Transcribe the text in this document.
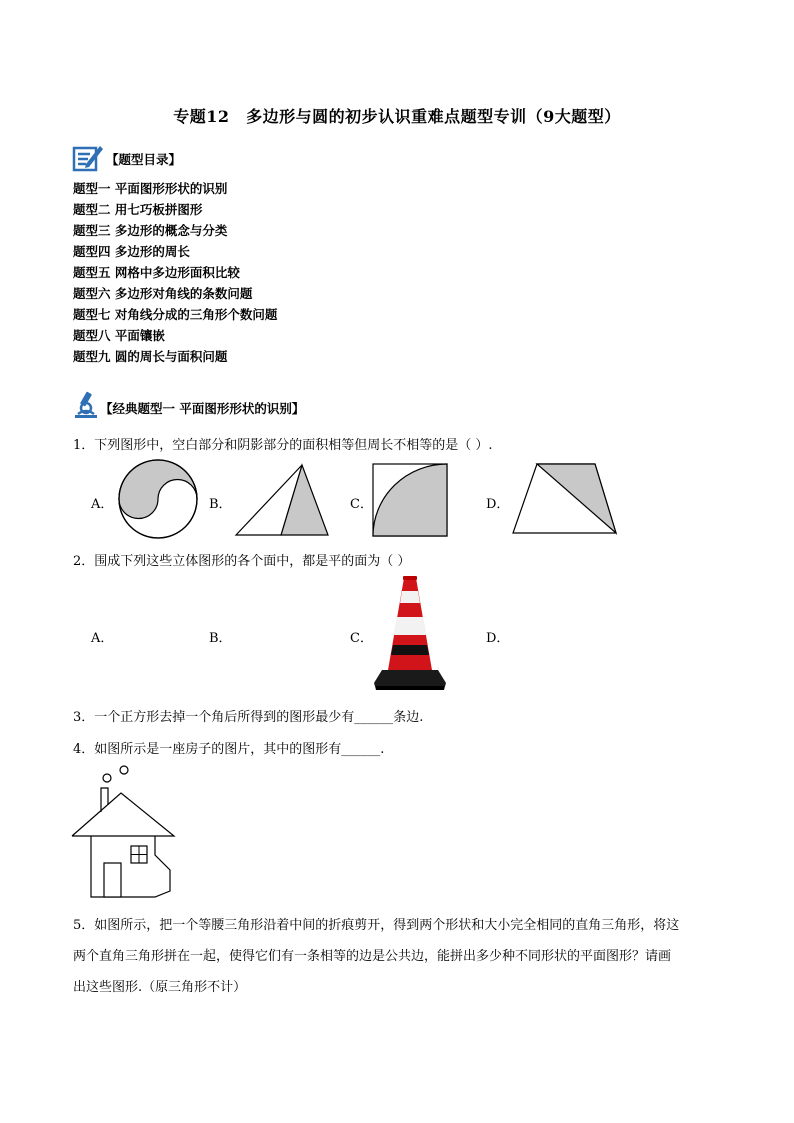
专题12　多边形与圆的初步认识重难点题型专训（9大题型）
【题型目录】
题型一 平面图形形状的识别
题型二 用七巧板拼图形
题型三 多边形的概念与分类
题型四 多边形的周长
题型五 网格中多边形面积比较
题型六 多边形对角线的条数问题
题型七 对角线分成的三角形个数问题
题型八 平面镶嵌
题型九 圆的周长与面积问题
【经典题型一 平面图形形状的识别】
1．下列图形中，空白部分和阴影部分的面积相等但周长不相等的是（ ）.
A．	B．	C．	D．
2．围成下列这些立体图形的各个面中，都是平的面为（ ）
A．	B．	C．	D．
3．一个正方形去掉一个角后所得到的图形最少有______条边.
4．如图所示是一座房子的图片，其中的图形有______.
5．如图所示，把一个等腰三角形沿着中间的折痕剪开，得到两个形状和大小完全相同的直角三角形，将这
两个直角三角形拼在一起，使得它们有一条相等的边是公共边，能拼出多少种不同形状的平面图形？请画
出这些图形.（原三角形不计）
